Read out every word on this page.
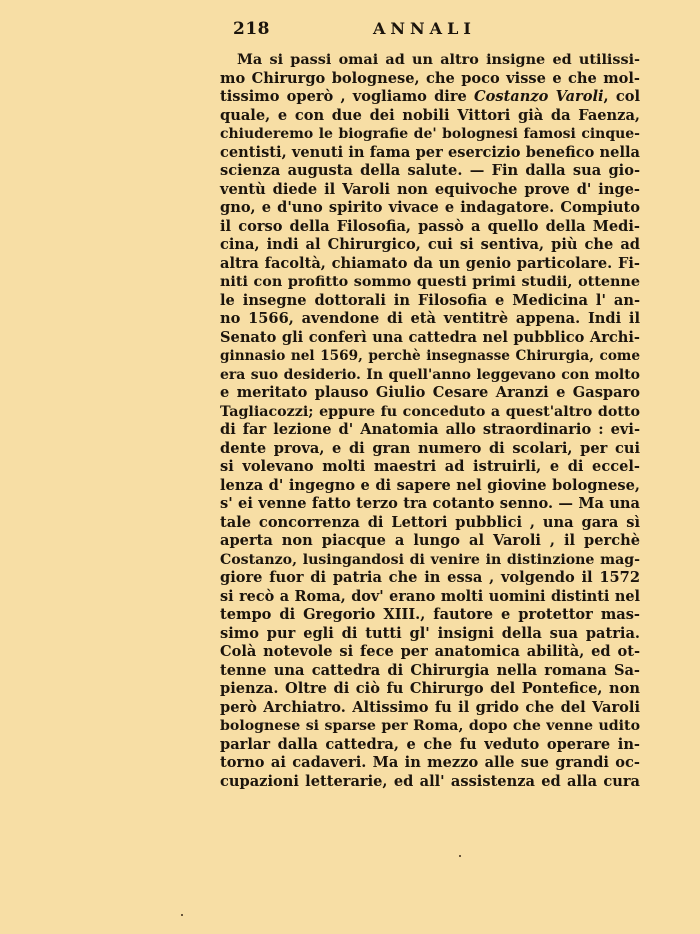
218	ANNALI
Ma si passi omai ad un altro insigne ed utilissi-
mo Chirurgo bolognese, che poco visse e che mol-
tissimo operò , vogliamo dire Costanzo Varoli, col
quale, e con due dei nobili Vittori già da Faenza,
chiuderemo le biografie de' bolognesi famosi cinque-
centisti, venuti in fama per esercizio benefico nella
scienza augusta della salute. — Fin dalla sua gio-
ventù diede il Varoli non equivoche prove d' inge-
gno, e d'uno spirito vivace e indagatore. Compiuto
il corso della Filosofia, passò a quello della Medi-
cina, indi al Chirurgico, cui si sentiva, più che ad
altra facoltà, chiamato da un genio particolare. Fi-
niti con profitto sommo questi primi studii, ottenne
le insegne dottorali in Filosofia e Medicina l' an-
no 1566, avendone di età ventitrè appena. Indi il
Senato gli conferì una cattedra nel pubblico Archi-
ginnasio nel 1569, perchè insegnasse Chirurgia, come
era suo desiderio. In quell'anno leggevano con molto
e meritato plauso Giulio Cesare Aranzi e Gasparo
Tagliacozzi; eppure fu conceduto a quest'altro dotto
di far lezione d' Anatomia allo straordinario : evi-
dente prova, e di gran numero di scolari, per cui
si volevano molti maestri ad istruirli, e di eccel-
lenza d' ingegno e di sapere nel giovine bolognese,
s' ei venne fatto terzo tra cotanto senno. — Ma una
tale concorrenza di Lettori pubblici , una gara sì
aperta non piacque a lungo al Varoli , il perchè
Costanzo, lusingandosi di venire in distinzione mag-
giore fuor di patria che in essa , volgendo il 1572
si recò a Roma, dov' erano molti uomini distinti nel
tempo di Gregorio XIII., fautore e protettor mas-
simo pur egli di tutti gl' insigni della sua patria.
Colà notevole si fece per anatomica abilità, ed ot-
tenne una cattedra di Chirurgia nella romana Sa-
pienza. Oltre di ciò fu Chirurgo del Pontefice, non
però Archiatro. Altissimo fu il grido che del Varoli
bolognese si sparse per Roma, dopo che venne udito
parlar dalla cattedra, e che fu veduto operare in-
torno ai cadaveri. Ma in mezzo alle sue grandi oc-
cupazioni letterarie, ed all' assistenza ed alla cura
